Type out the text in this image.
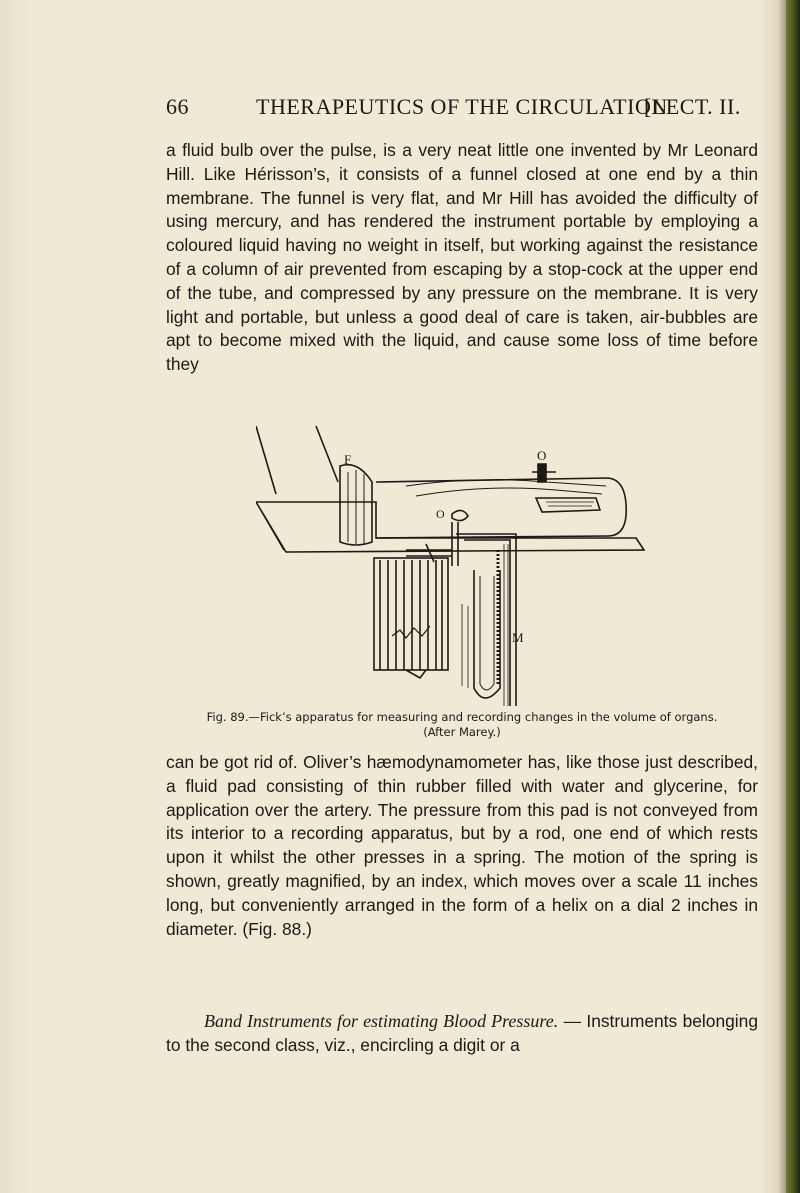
66	THERAPEUTICS OF THE CIRCULATION
[LECT. II.
a fluid bulb over the pulse, is a very neat little one invented by Mr Leonard Hill. Like Hérisson’s, it consists of a funnel closed at one end by a thin membrane. The funnel is very flat, and Mr Hill has avoided the difficulty of using mercury, and has rendered the instrument portable by employing a coloured liquid having no weight in itself, but working against the resistance of a column of air prevented from escaping by a stop-cock at the upper end of the tube, and compressed by any pressure on the membrane. It is very light and portable, but unless a good deal of care is taken, air-bubbles are apt to become mixed with the liquid, and cause some loss of time before they
F	O
O
M
Fig. 89.—Fick’s apparatus for measuring and recording changes in the volume of organs.
(After Marey.)
can be got rid of. Oliver’s hæmodynamometer has, like those just described, a fluid pad consisting of thin rubber filled with water and glycerine, for application over the artery. The pressure from this pad is not conveyed from its interior to a recording apparatus, but by a rod, one end of which rests upon it whilst the other presses in a spring. The motion of the spring is shown, greatly magnified, by an index, which moves over a scale 11 inches long, but conveniently arranged in the form of a helix on a dial 2 inches in diameter. (Fig. 88.)
Band Instruments for estimating Blood Pressure. — Instruments belonging to the second class, viz., encircling a digit or a
